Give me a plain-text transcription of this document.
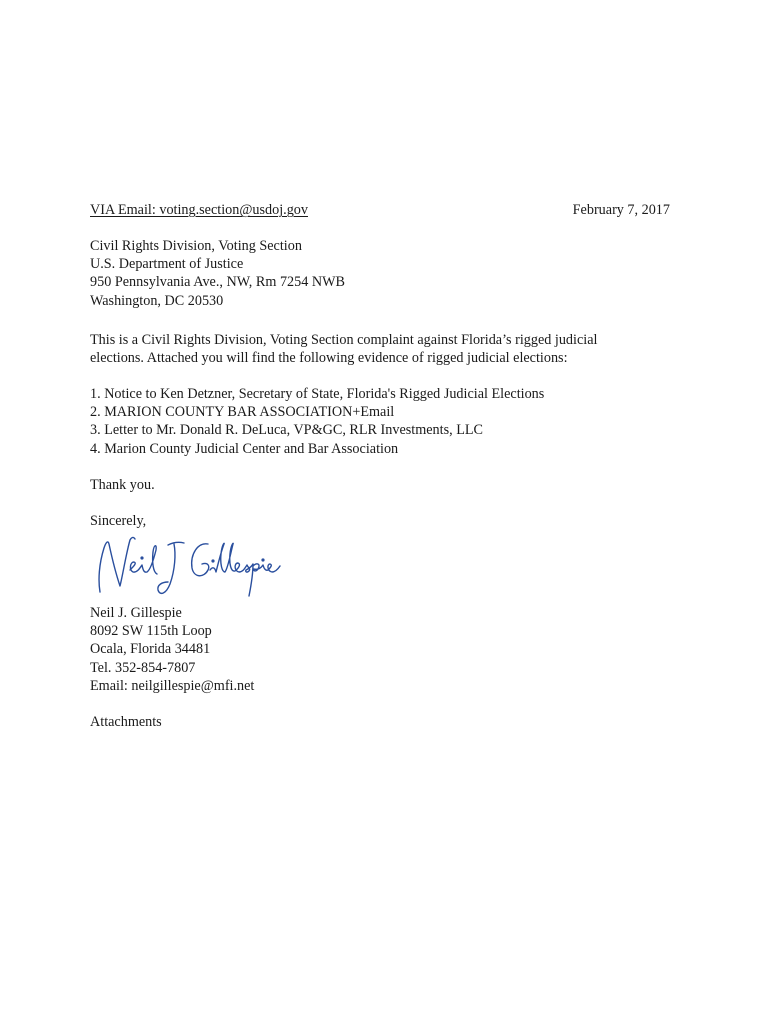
VIA Email: voting.section@usdoj.gov	February 7, 2017
Civil Rights Division, Voting Section
U.S. Department of Justice
950 Pennsylvania Ave., NW, Rm 7254 NWB
Washington, DC 20530
This is a Civil Rights Division, Voting Section complaint against Florida’s rigged judicial
elections. Attached you will find the following evidence of rigged judicial elections:
1. Notice to Ken Detzner, Secretary of State, Florida's Rigged Judicial Elections
2. MARION COUNTY BAR ASSOCIATION+Email
3. Letter to Mr. Donald R. DeLuca, VP&GC, RLR Investments, LLC
4. Marion County Judicial Center and Bar Association
Thank you.
Sincerely,
Neil J. Gillespie
8092 SW 115th Loop
Ocala, Florida 34481
Tel. 352-854-7807
Email: neilgillespie@mfi.net
Attachments
